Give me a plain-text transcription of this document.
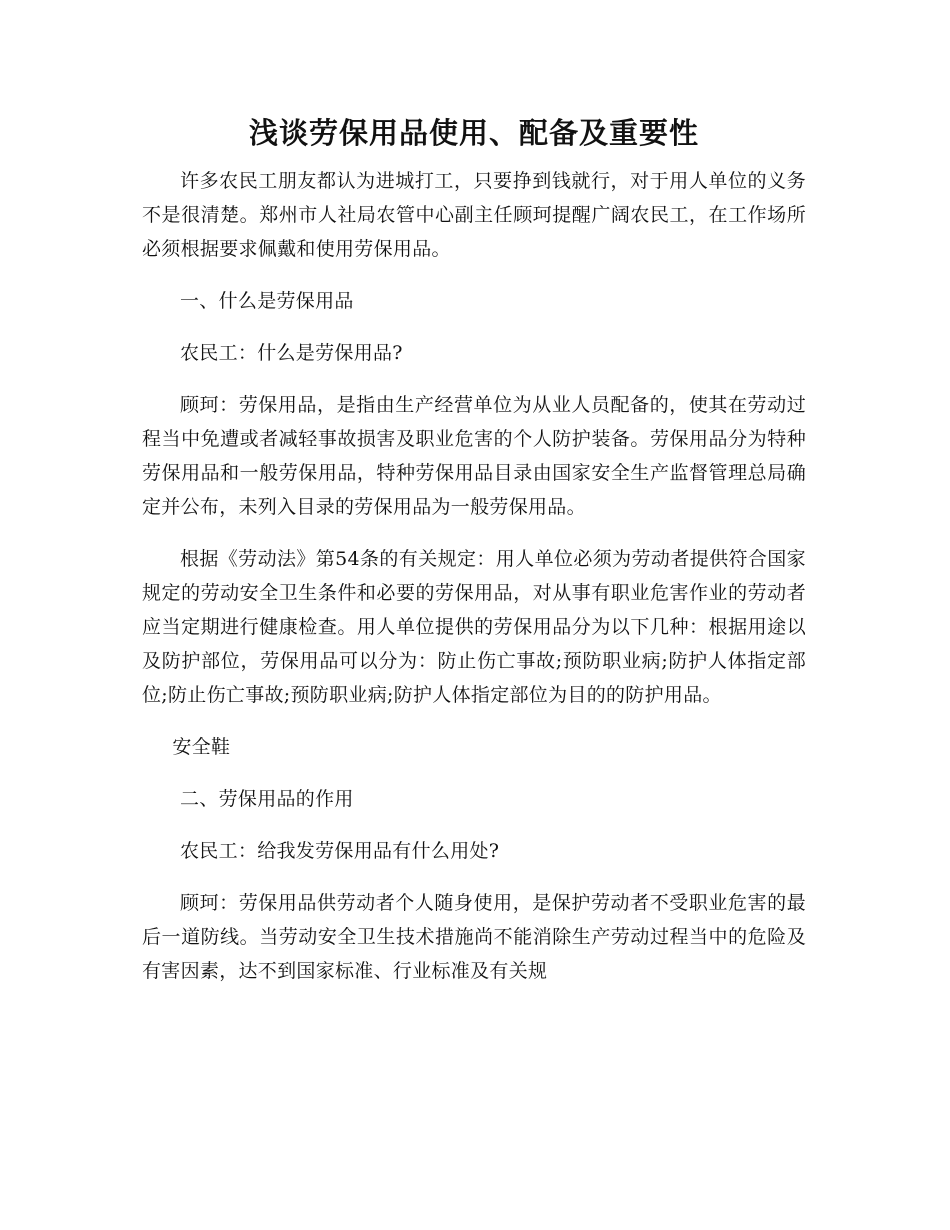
浅谈劳保用品使用、配备及重要性

许多农民工朋友都认为进城打工，只要挣到钱就行，对于用人单位的义务不是很清楚。郑州市人社局农管中心副主任顾珂提醒广阔农民工，在工作场所必须根据要求佩戴和使用劳保用品。

一、什么是劳保用品

农民工：什么是劳保用品?

顾珂：劳保用品，是指由生产经营单位为从业人员配备的，使其在劳动过程当中免遭或者减轻事故损害及职业危害的个人防护装备。劳保用品分为特种劳保用品和一般劳保用品，特种劳保用品目录由国家安全生产监督管理总局确定并公布，未列入目录的劳保用品为一般劳保用品。

根据《劳动法》第54条的有关规定：用人单位必须为劳动者提供符合国家规定的劳动安全卫生条件和必要的劳保用品，对从事有职业危害作业的劳动者应当定期进行健康检查。用人单位提供的劳保用品分为以下几种：根据用途以及防护部位，劳保用品可以分为：防止伤亡事故;预防职业病;防护人体指定部位;防止伤亡事故;预防职业病;防护人体指定部位为目的的防护用品。

安全鞋

二、劳保用品的作用

农民工：给我发劳保用品有什么用处?

顾珂：劳保用品供劳动者个人随身使用，是保护劳动者不受职业危害的最后一道防线。当劳动安全卫生技术措施尚不能消除生产劳动过程当中的危险及有害因素，达不到国家标准、行业标准及有关规
